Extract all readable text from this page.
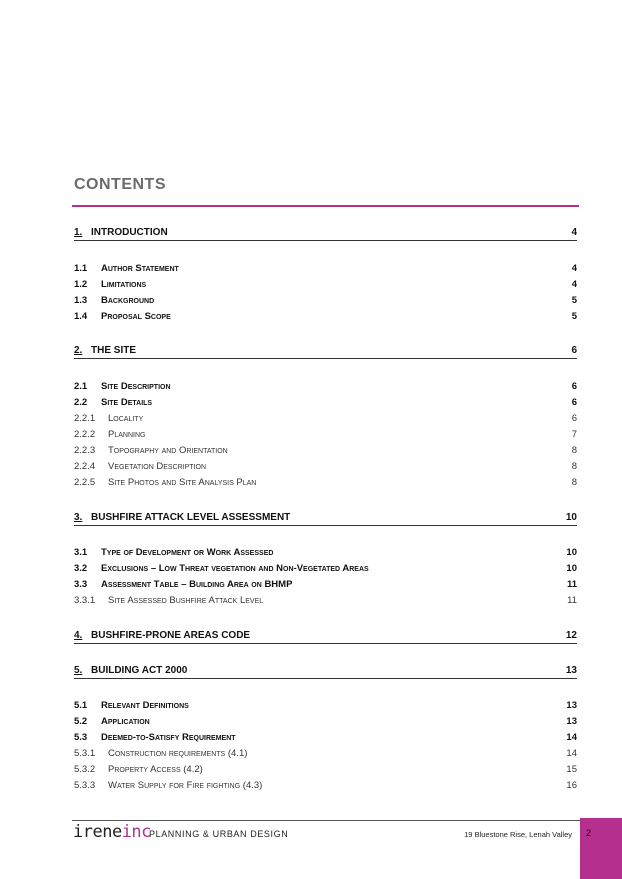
CONTENTS
1. INTRODUCTION	4
1.1 Author Statement	4
1.2 Limitations	4
1.3 Background	5
1.4 Proposal Scope	5
2. THE SITE	6
2.1 Site Description	6
2.2 Site Details	6
2.2.1 Locality	6
2.2.2 Planning	7
2.2.3 Topography and Orientation	8
2.2.4 Vegetation Description	8
2.2.5 Site Photos and Site Analysis Plan	8
3. BUSHFIRE ATTACK LEVEL ASSESSMENT	10
3.1 Type of Development or Work Assessed	10
3.2 Exclusions – Low Threat vegetation and Non-Vegetated Areas	10
3.3 Assessment Table – Building Area on BHMP	11
3.3.1 Site Assessed Bushfire Attack Level	11
4. BUSHFIRE-PRONE AREAS CODE	12
5. BUILDING ACT 2000	13
5.1 Relevant Definitions	13
5.2 Application	13
5.3 Deemed-to-Satisfy Requirement	14
5.3.1 Construction requirements (4.1)	14
5.3.2 Property Access (4.2)	15
5.3.3 Water Supply for Fire fighting (4.3)	16
ireneinc
PLANNING & URBAN DESIGN	19 Bluestone Rise, Lenah Valley 2
